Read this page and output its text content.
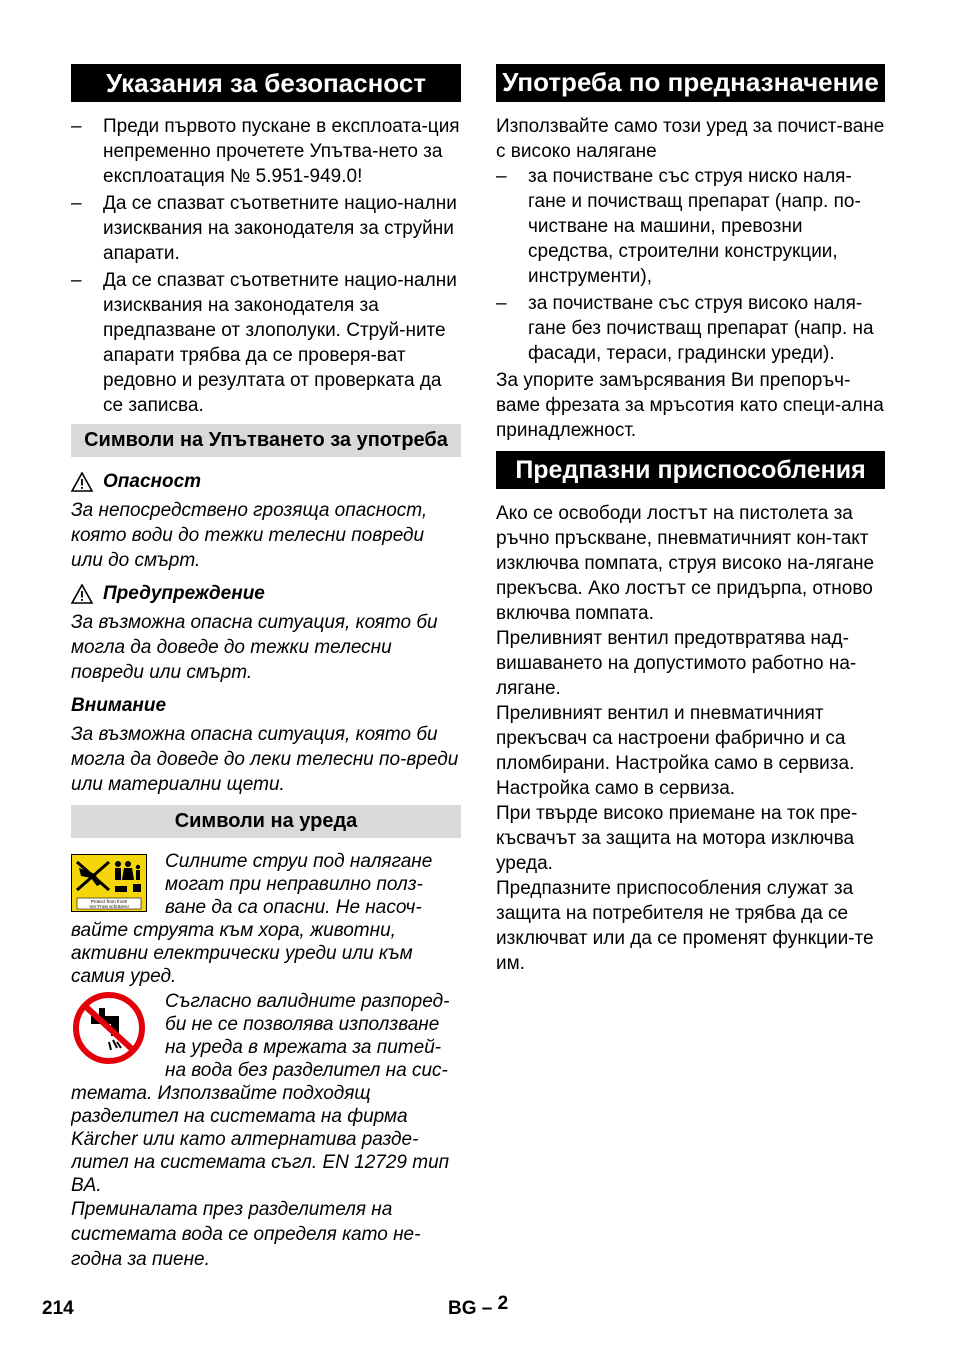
Указания за безопасност
– Преди първото пускане в експлоата-ция непременно прочетете Упътва-нето за експлоатация № 5.951-949.0!
– Да се спазват съответните нацио-нални изисквания на законодателя за струйни апарати.
– Да се спазват съответните нацио-нални изисквания на законодателя за предпазване от злополуки. Струй-ните апарати трябва да се проверя-ват редовно и резултата от проверката да се записва.
Символи на Упътването за употреба
Опасност

За непосредствено грозяща опасност, която води до тежки телесни повреди или до смърт.

Предупреждение

За възможна опасна ситуация, която би могла да доведе до тежки телесни повреди или смърт.

Внимание

За възможна опасна ситуация, която би могла да доведе до леки телесни по-вреди или материални щети.

Символи на уреда
Protect from frost!
Vor Frost schützen!

Силните струи под налягане могат при неправилно полз-ване да са опасни. Не насоч-вайте струята към хора, животни, активни електрически уреди или към самия уред.

Съгласно валидните разпоред-би не се позволява използване на уреда в мрежата за питей-на вода без разделител на сис-темата. Използвайте подходящ разделител на системата на фирма Kärcher или като алтернатива разде-лител на системата съгл. EN 12729 тип BA.

Преминалата през разделителя на системата вода се определя като не-годна за пиене.

Употреба по предназначение

Използвайте само този уред за почист-ване с високо налягане

– за почистване със струя ниско наля-гане и почистващ препарат (напр. по-чистване на машини, превозни средства, строителни конструкции, инструменти),
– за почистване със струя високо наля-гане без почистващ препарат (напр. на фасади, тераси, градински уреди).

За упорите замърсявания Ви препоръч-ваме фрезата за мръсотия като специ-ална принадлежност.

Предпазни приспособления

Ако се освободи лостът на пистолета за ръчно пръскване, пневматичният кон-такт изключва помпата, струя високо на-лягане прекъсва. Ако лостът се придърпа, отново включва помпата.

Преливният вентил предотвратява над-вишаването на допустимото работно на-лягане.

Преливният вентил и пневматичният прекъсвач са настроени фабрично и са пломбирани. Настройка само в сервиза. Настройка само в сервиза.

При твърде високо приемане на ток пре-късвачът за защита на мотора изключва уреда.

Предпазните приспособления служат за защита на потребителя не трябва да се изключват или да се променят функции-те им.

214	BG – 2
